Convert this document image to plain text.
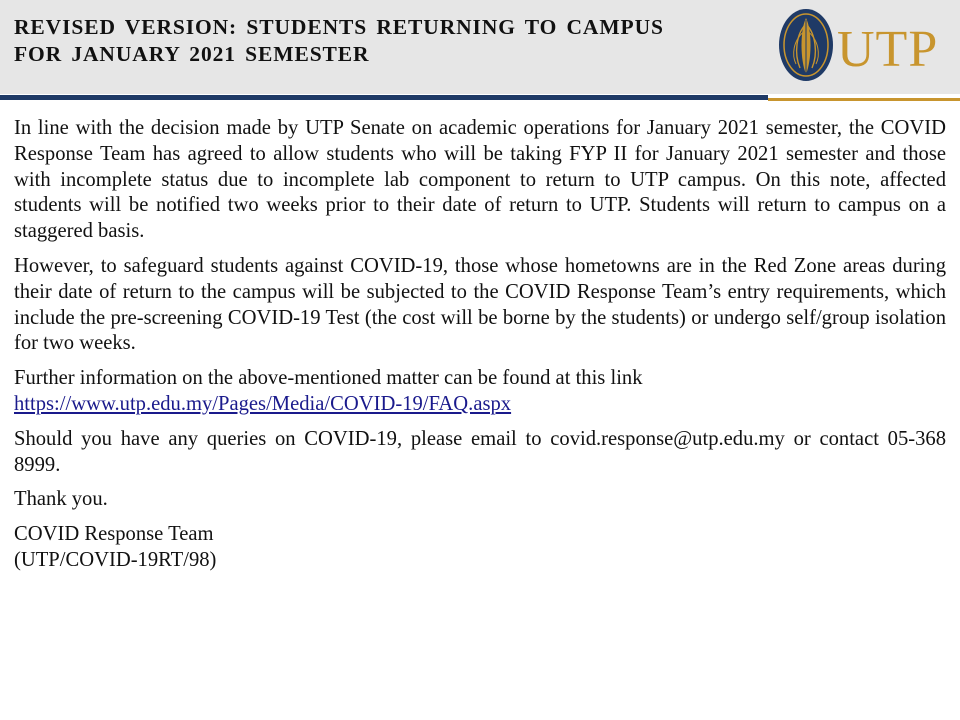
REVISED VERSION: STUDENTS RETURNING TO CAMPUS
FOR JANUARY 2021 SEMESTER	UTP

In line with the decision made by UTP Senate on academic operations for January 2021 semester, the COVID Response Team has agreed to allow students who will be taking FYP II for January 2021 semester and those with incomplete status due to incomplete lab component to return to UTP campus. On this note, affected students will be notified two weeks prior to their date of return to UTP. Students will return to campus on a staggered basis.

However, to safeguard students against COVID-19, those whose hometowns are in the Red Zone areas during their date of return to the campus will be subjected to the COVID Response Team’s entry requirements, which include the pre-screening COVID-19 Test (the cost will be borne by the students) or undergo self/group isolation for two weeks.

Further information on the above-mentioned matter can be found at this link
https://www.utp.edu.my/Pages/Media/COVID-19/FAQ.aspx

Should you have any queries on COVID-19, please email to covid.response@utp.edu.my or contact 05-368 8999.

Thank you.

COVID Response Team
(UTP/COVID-19RT/98)
